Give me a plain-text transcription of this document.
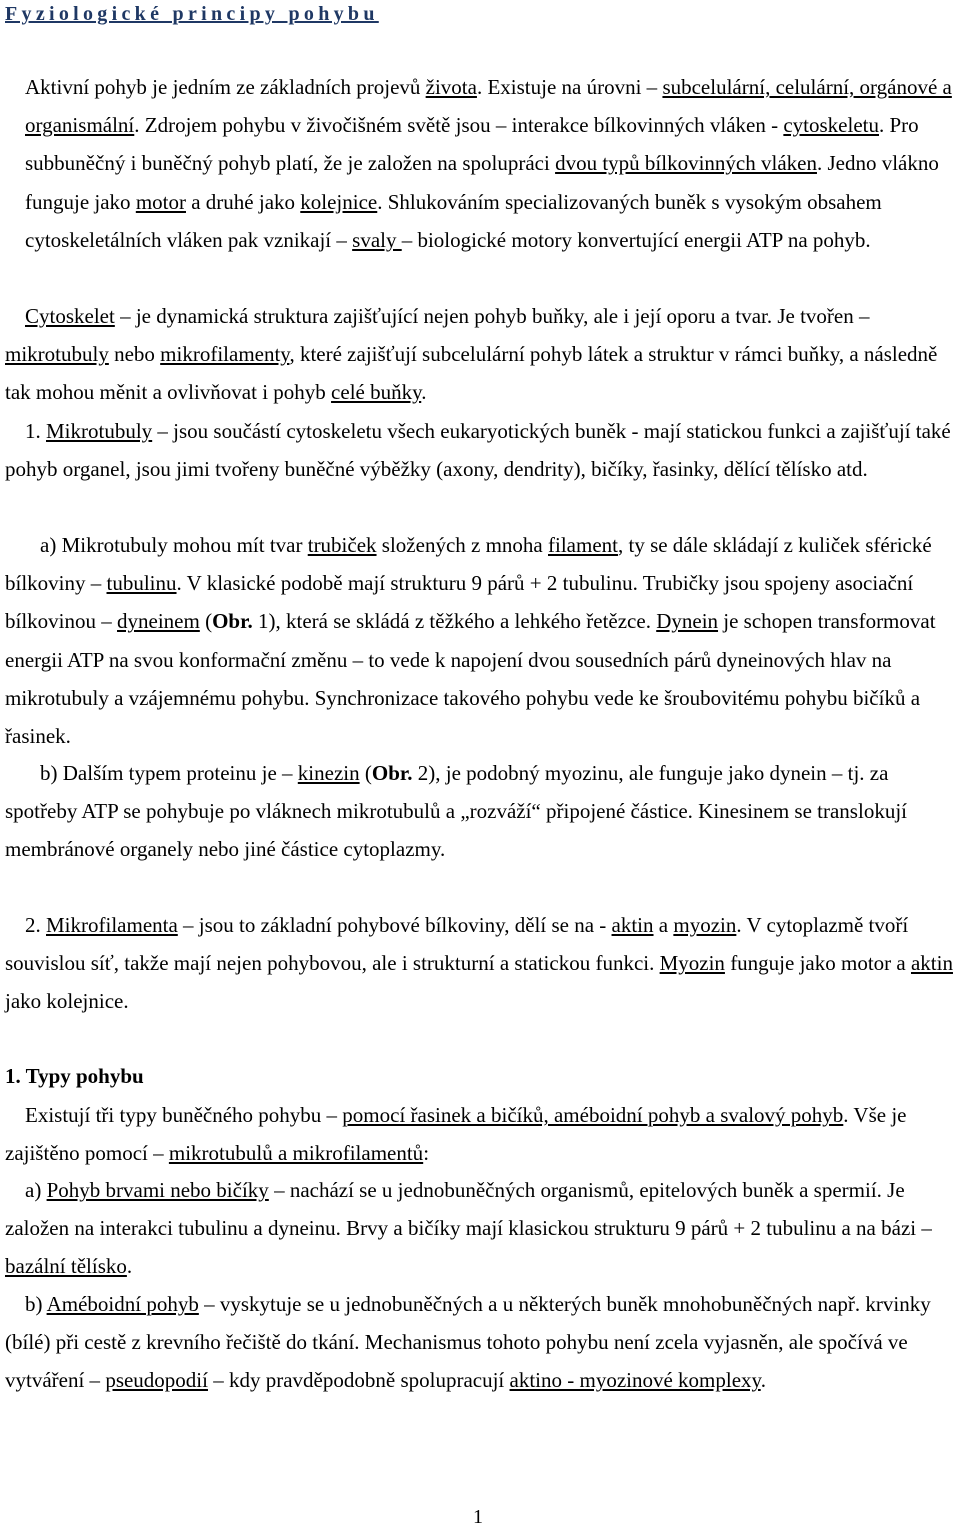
Fyziologické principy pohybu

Aktivní pohyb je jedním ze základních projevů života. Existuje na úrovni – subcelulární, celulární, orgánové a organismální. Zdrojem pohybu v živočišném světě jsou – interakce bílkovinných vláken - cytoskeletu. Pro subbuněčný i buněčný pohyb platí, že je založen na spolupráci dvou typů bílkovinných vláken. Jedno vlákno funguje jako motor a druhé jako kolejnice. Shlukováním specializovaných buněk s vysokým obsahem cytoskeletálních vláken pak vznikají – svaly – biologické motory konvertující energii ATP na pohyb.

Cytoskelet – je dynamická struktura zajišťující nejen pohyb buňky, ale i její oporu a tvar. Je tvořen – mikrotubuly nebo mikrofilamenty, které zajišťují subcelulární pohyb látek a struktur v rámci buňky, a následně tak mohou měnit a ovlivňovat i pohyb celé buňky.

1. Mikrotubuly – jsou součástí cytoskeletu všech eukaryotických buněk - mají statickou funkci a zajišťují také pohyb organel, jsou jimi tvořeny buněčné výběžky (axony, dendrity), bičíky, řasinky, dělící tělísko atd.

a) Mikrotubuly mohou mít tvar trubiček složených z mnoha filament, ty se dále skládají z kuliček sférické bílkoviny – tubulinu. V klasické podobě mají strukturu 9 párů + 2 tubulinu. Trubičky jsou spojeny asociační bílkovinou – dyneinem (Obr. 1), která se skládá z těžkého a lehkého řetězce. Dynein je schopen transformovat energii ATP na svou konformační změnu – to vede k napojení dvou sousedních párů dyneinových hlav na mikrotubuly a vzájemnému pohybu. Synchronizace takového pohybu vede ke šroubovitému pohybu bičíků a řasinek.

b) Dalším typem proteinu je – kinezin (Obr. 2), je podobný myozinu, ale funguje jako dynein – tj. za spotřeby ATP se pohybuje po vláknech mikrotubulů a „rozváží“ připojené částice. Kinesinem se translokují membránové organely nebo jiné částice cytoplazmy.

2. Mikrofilamenta – jsou to základní pohybové bílkoviny, dělí se na - aktin a myozin. V cytoplazmě tvoří souvislou síť, takže mají nejen pohybovou, ale i strukturní a statickou funkci. Myozin funguje jako motor a aktin jako kolejnice.

1. Typy pohybu

Existují tři typy buněčného pohybu – pomocí řasinek a bičíků, améboidní pohyb a svalový pohyb. Vše je zajištěno pomocí – mikrotubulů a mikrofilamentů:

a) Pohyb brvami nebo bičíky – nachází se u jednobuněčných organismů, epitelových buněk a spermií. Je založen na interakci tubulinu a dyneinu. Brvy a bičíky mají klasickou strukturu 9 párů + 2 tubulinu a na bázi – bazální tělísko.

b) Améboidní pohyb – vyskytuje se u jednobuněčných a u některých buněk mnohobuněčných např. krvinky (bílé) při cestě z krevního řečiště do tkání. Mechanismus tohoto pohybu není zcela vyjasněn, ale spočívá ve vytváření – pseudopodií – kdy pravděpodobně spolupracují aktino - myozinové komplexy.

1
